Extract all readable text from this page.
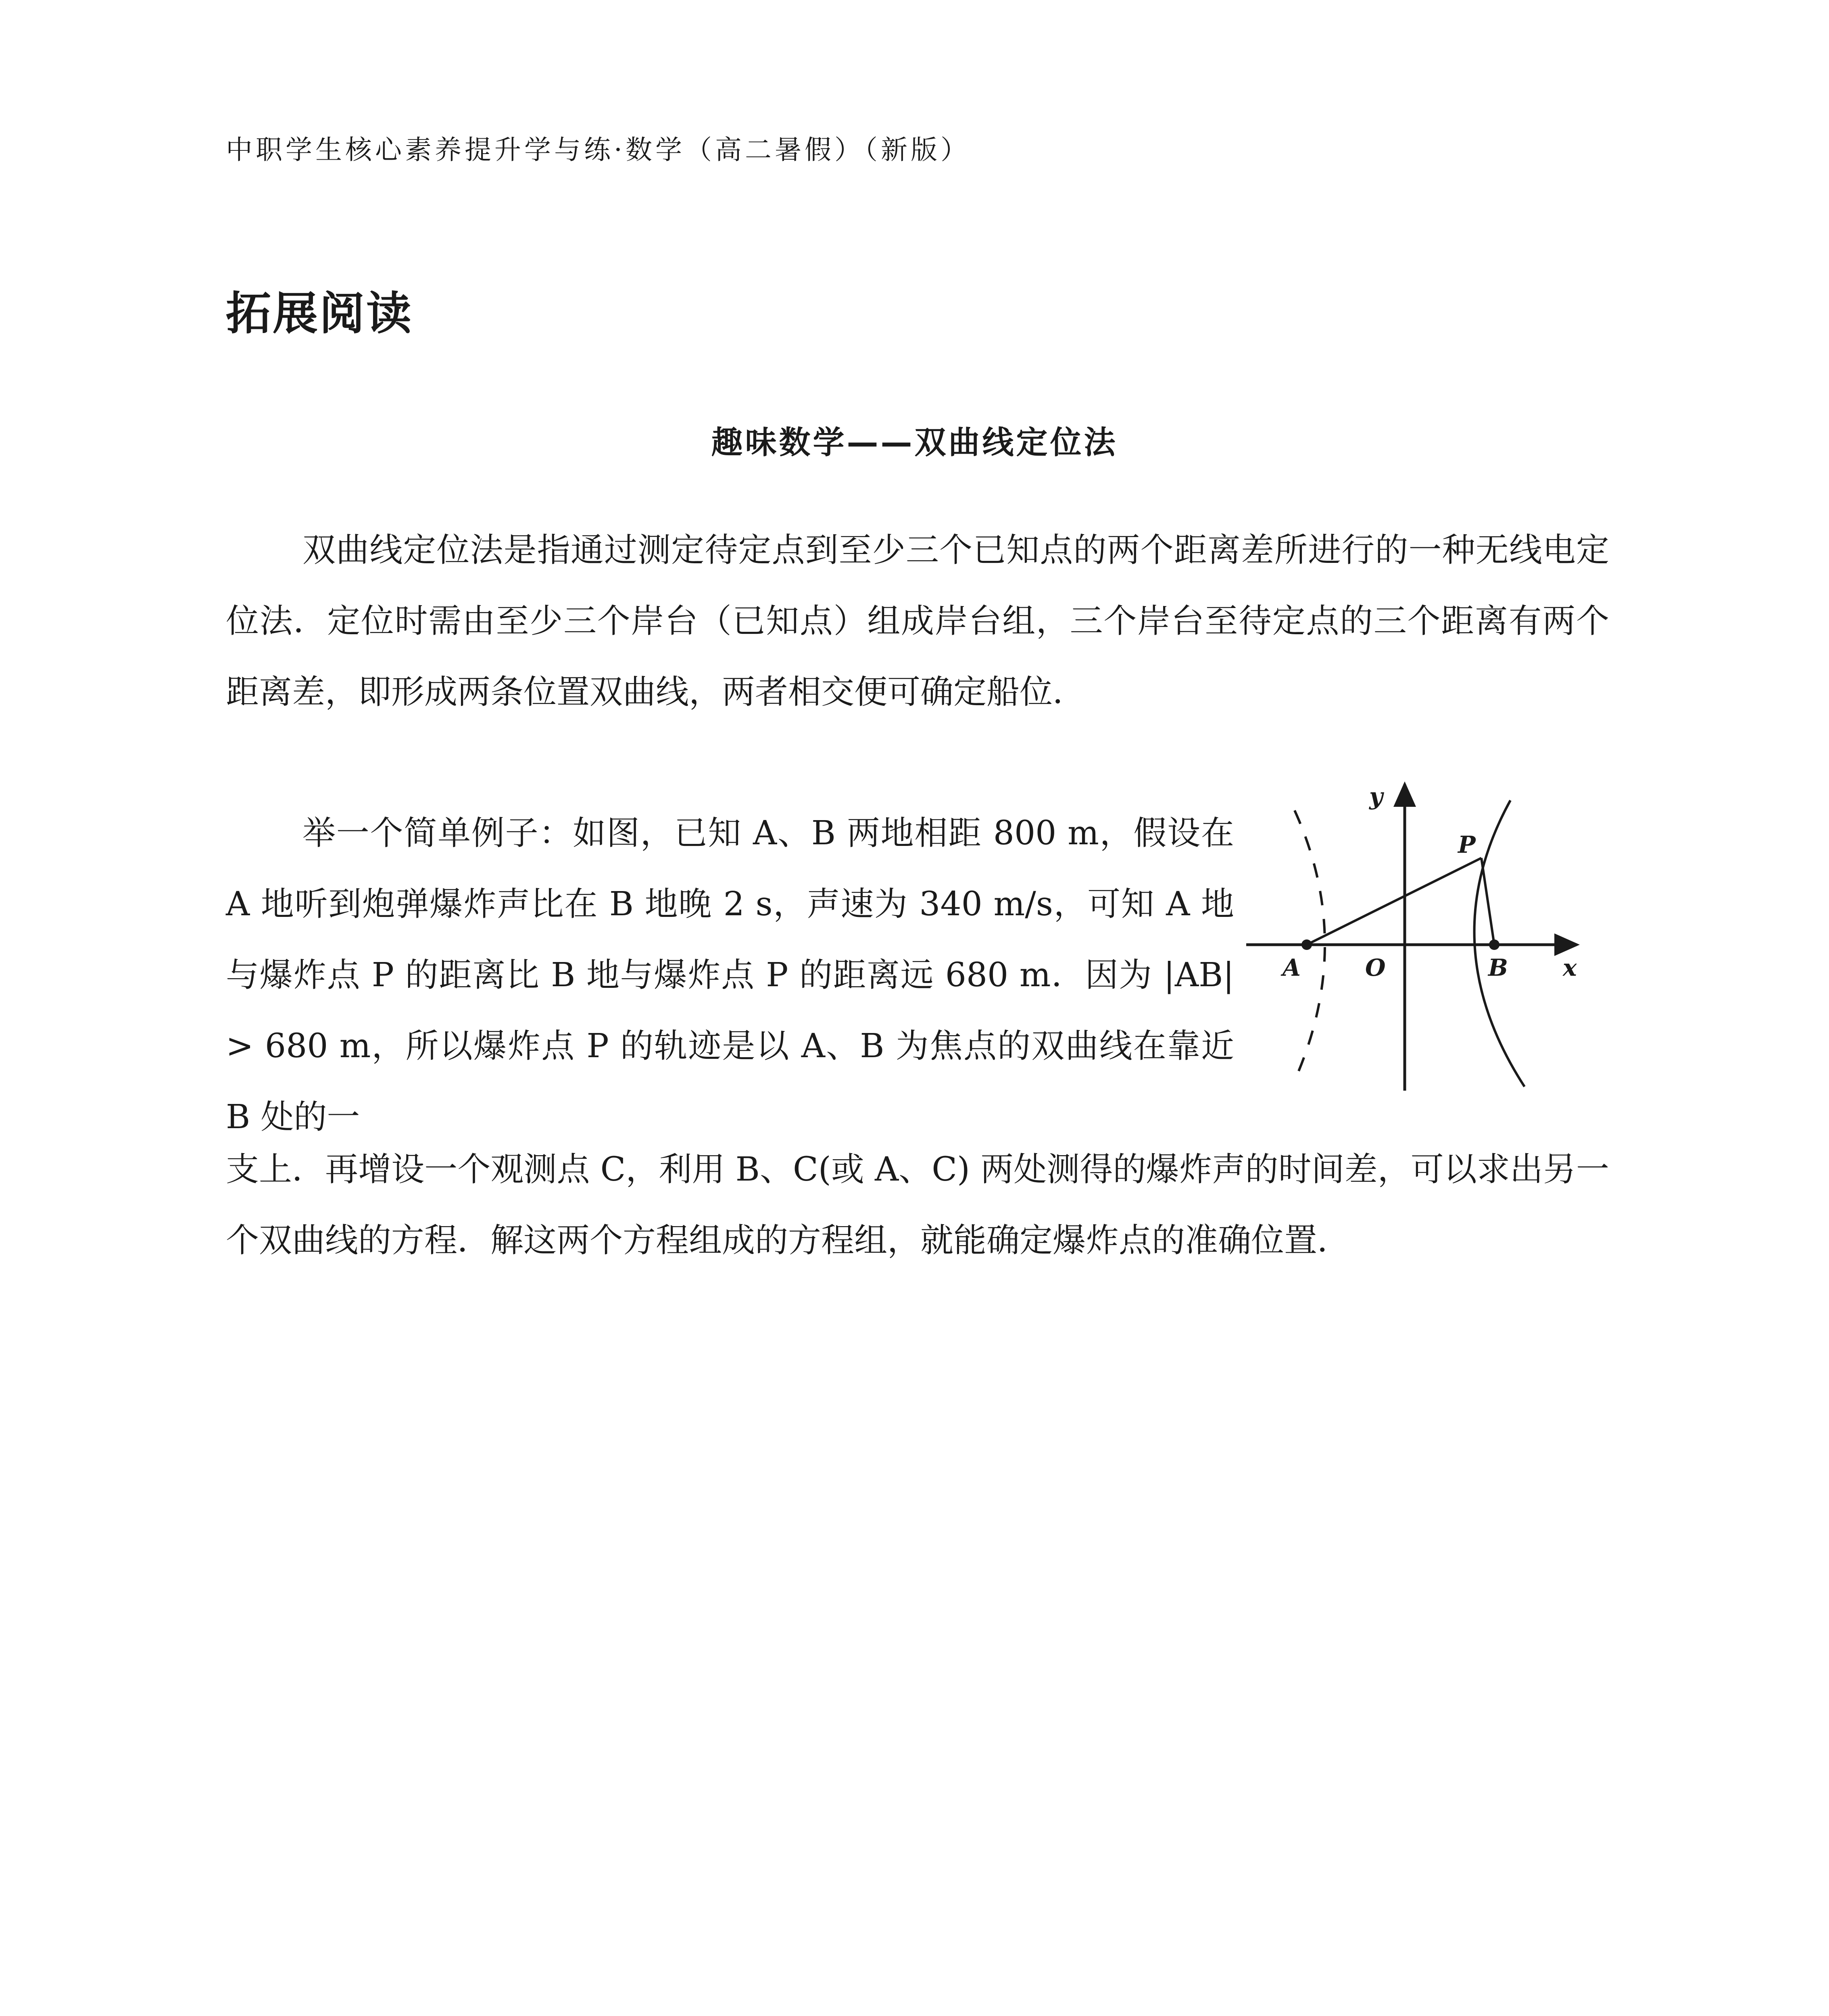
中职学生核心素养提升学与练·数学（高二暑假）（新版）
拓展阅读
趣味数学——双曲线定位法

双曲线定位法是指通过测定待定点到至少三个已知点的两个距离差所进行的一种无线电定位法．定位时需由至少三个岸台（已知点）组成岸台组，三个岸台至待定点的三个距离有两个距离差，即形成两条位置双曲线，两者相交便可确定船位．

举一个简单例子：如图，已知 A、B 两地相距 800 m，假设在 A 地听到炮弹爆炸声比在 B 地晚 2 s，声速为 340 m/s，可知 A 地与爆炸点 P 的距离比 B 地与爆炸点 P 的距离远 680 m．因为 |AB| > 680 m，所以爆炸点 P 的轨迹是以 A、B 为焦点的双曲线在靠近 B 处的一

支上．再增设一个观测点 C，利用 B、C(或 A、C) 两处测得的爆炸声的时间差，可以求出另一个双曲线的方程．解这两个方程组成的方程组，就能确定爆炸点的准确位置．

y
x
P
A	O	B
